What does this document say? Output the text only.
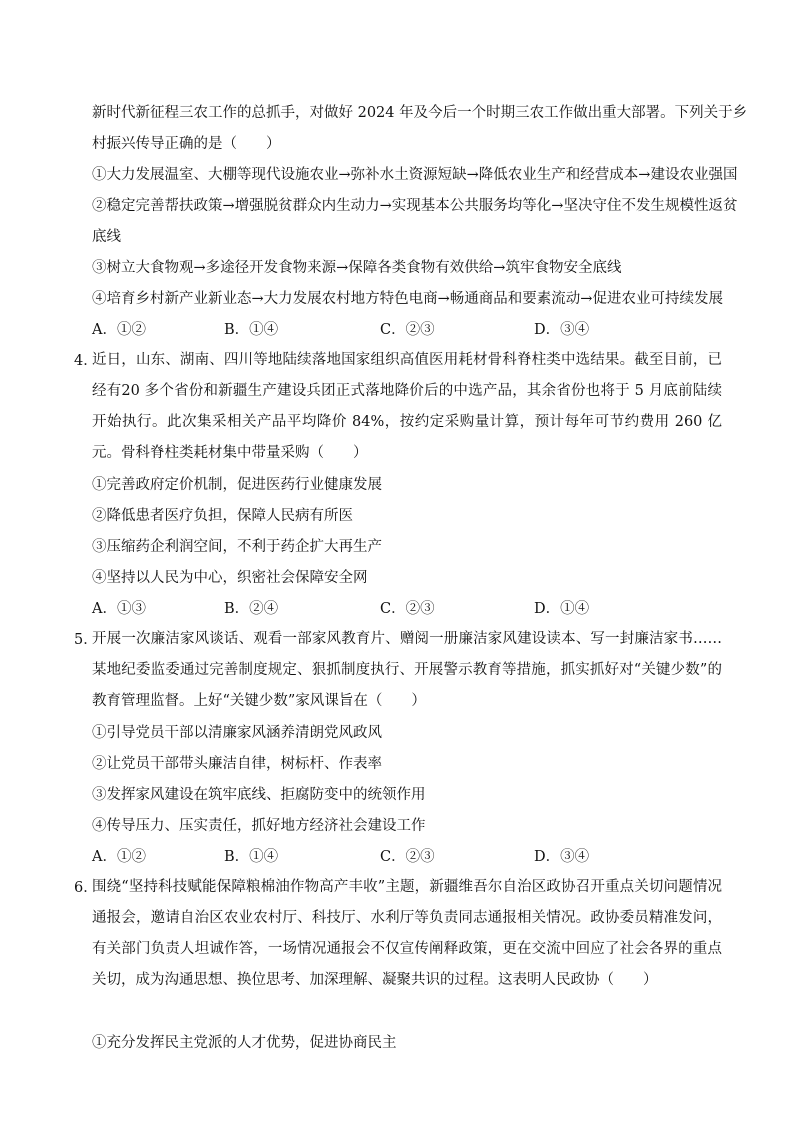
新时代新征程三农工作的总抓手，对做好 2024 年及今后一个时期三农工作做出重大部署。下列关于乡
村振兴传导正确的是（　　）
①大力发展温室、大棚等现代设施农业→弥补水土资源短缺→降低农业生产和经营成本→建设农业强国
②稳定完善帮扶政策→增强脱贫群众内生动力→实现基本公共服务均等化→坚决守住不发生规模性返贫
底线
③树立大食物观→多途径开发食物来源→保障各类食物有效供给→筑牢食物安全底线
④培育乡村新产业新业态→大力发展农村地方特色电商→畅通商品和要素流动→促进农业可持续发展
A．①②	B．①④	C．②③	D．③④
4．
近日，山东、湖南、四川等地陆续落地国家组织高值医用耗材骨科脊柱类中选结果。截至目前，已经有20 多个省份和新疆生产建设兵团正式落地降价后的中选产品，其余省份也将于 5 月底前陆续开始执行。此次集采相关产品平均降价 84%，按约定采购量计算，预计每年可节约费用 260 亿元。骨科脊柱类耗材集中带量采购（　　）
①完善政府定价机制，促进医药行业健康发展
②降低患者医疗负担，保障人民病有所医
③压缩药企利润空间，不利于药企扩大再生产
④坚持以人民为中心，织密社会保障安全网
A．①③	B．②④	C．②③	D．①④
5．
开展一次廉洁家风谈话、观看一部家风教育片、赠阅一册廉洁家风建设读本、写一封廉洁家书……某地纪委监委通过完善制度规定、狠抓制度执行、开展警示教育等措施，抓实抓好对“关键少数”的教育管理监督。上好“关键少数”家风课旨在（　　）
①引导党员干部以清廉家风涵养清朗党风政风
②让党员干部带头廉洁自律，树标杆、作表率
③发挥家风建设在筑牢底线、拒腐防变中的统领作用
④传导压力、压实责任，抓好地方经济社会建设工作
A．①②	B．①④	C．②③	D．③④
6．
围绕“坚持科技赋能保障粮棉油作物高产丰收”主题，新疆维吾尔自治区政协召开重点关切问题情况通报会，邀请自治区农业农村厅、科技厅、水利厅等负责同志通报相关情况。政协委员精准发问，有关部门负责人坦诚作答，一场情况通报会不仅宣传阐释政策，更在交流中回应了社会各界的重点关切，成为沟通思想、换位思考、加深理解、凝聚共识的过程。这表明人民政协（　　）
①充分发挥民主党派的人才优势，促进协商民主
